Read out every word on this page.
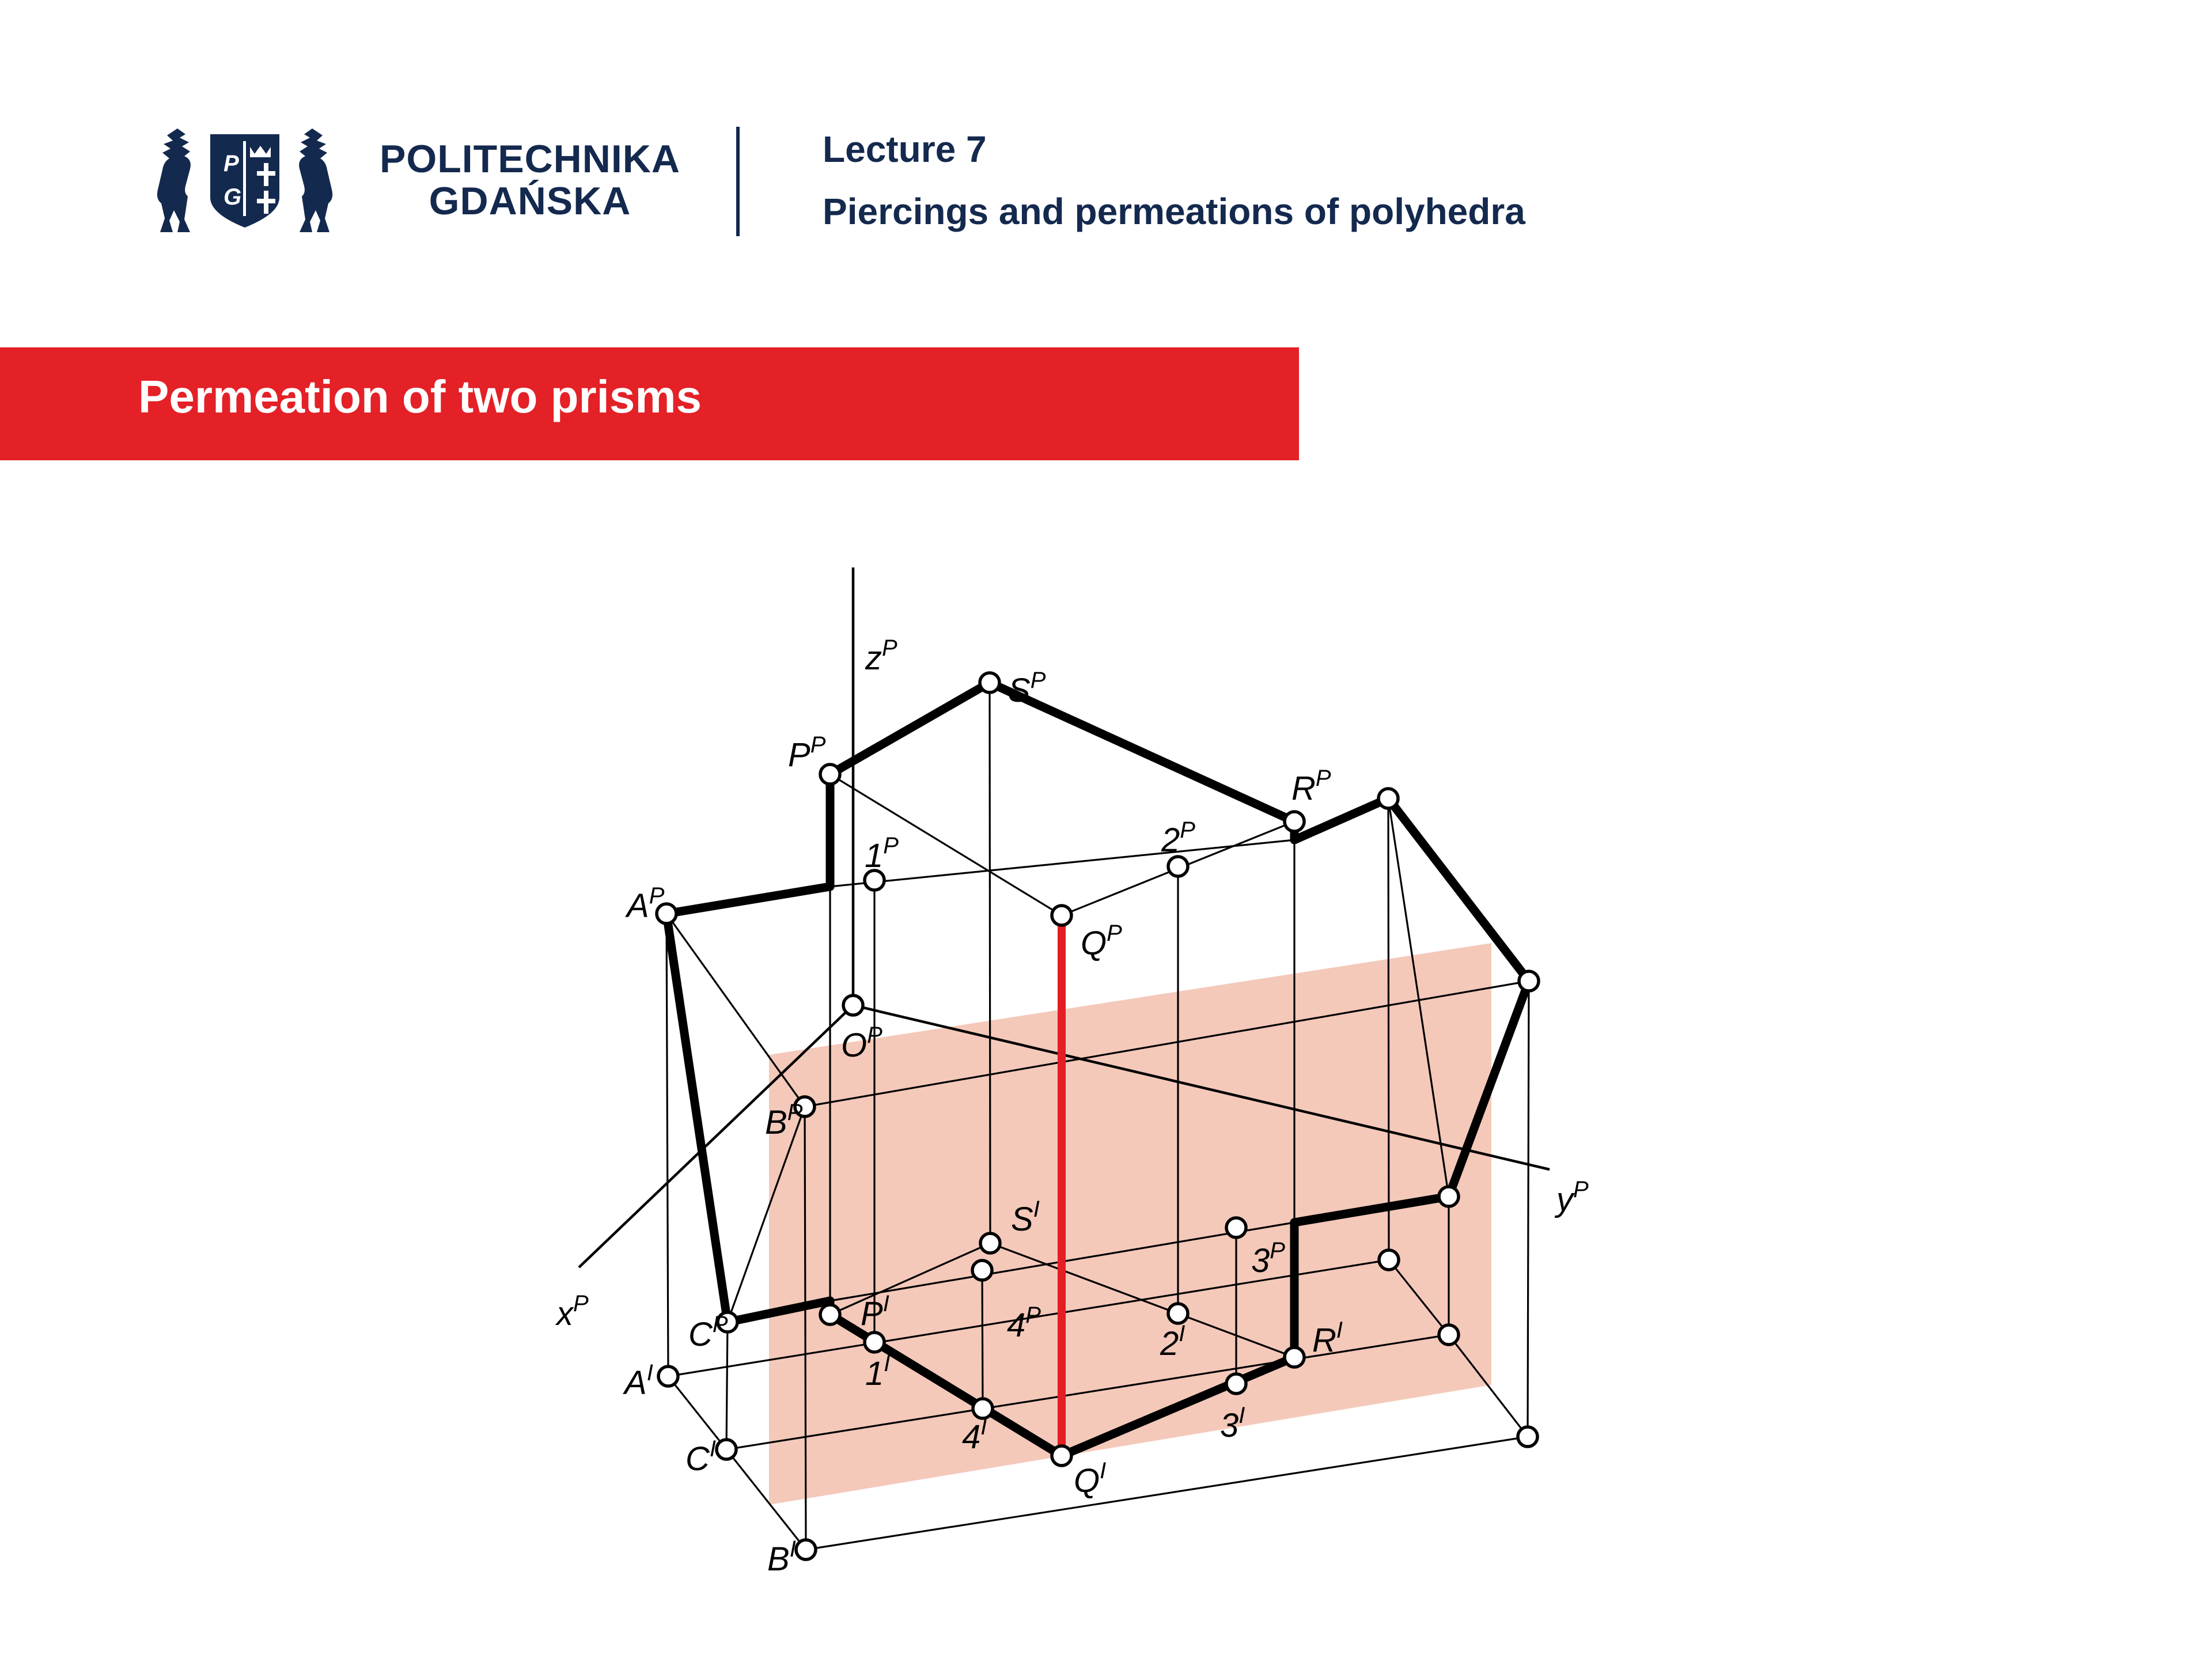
P
G
POLITECHNIKA
GDAŃSKA
Lecture 7
Piercings and permeations of polyhedra
Permeation of two prisms
$z^P$
$x^P$
$y^P$
$S^P$
$P^P$
$R^P$
$2^P$
$1^P$
$A^P$
$Q^P$
$O^P$
$B^P$
$S^I$
$3^P$
$4^P$
$C^P$	$P^I$
$1^I$
$2^I$	$R^I$
$3^I$
$4^I$
$Q^I$
$A^I$
$C^I$
$B^I$
